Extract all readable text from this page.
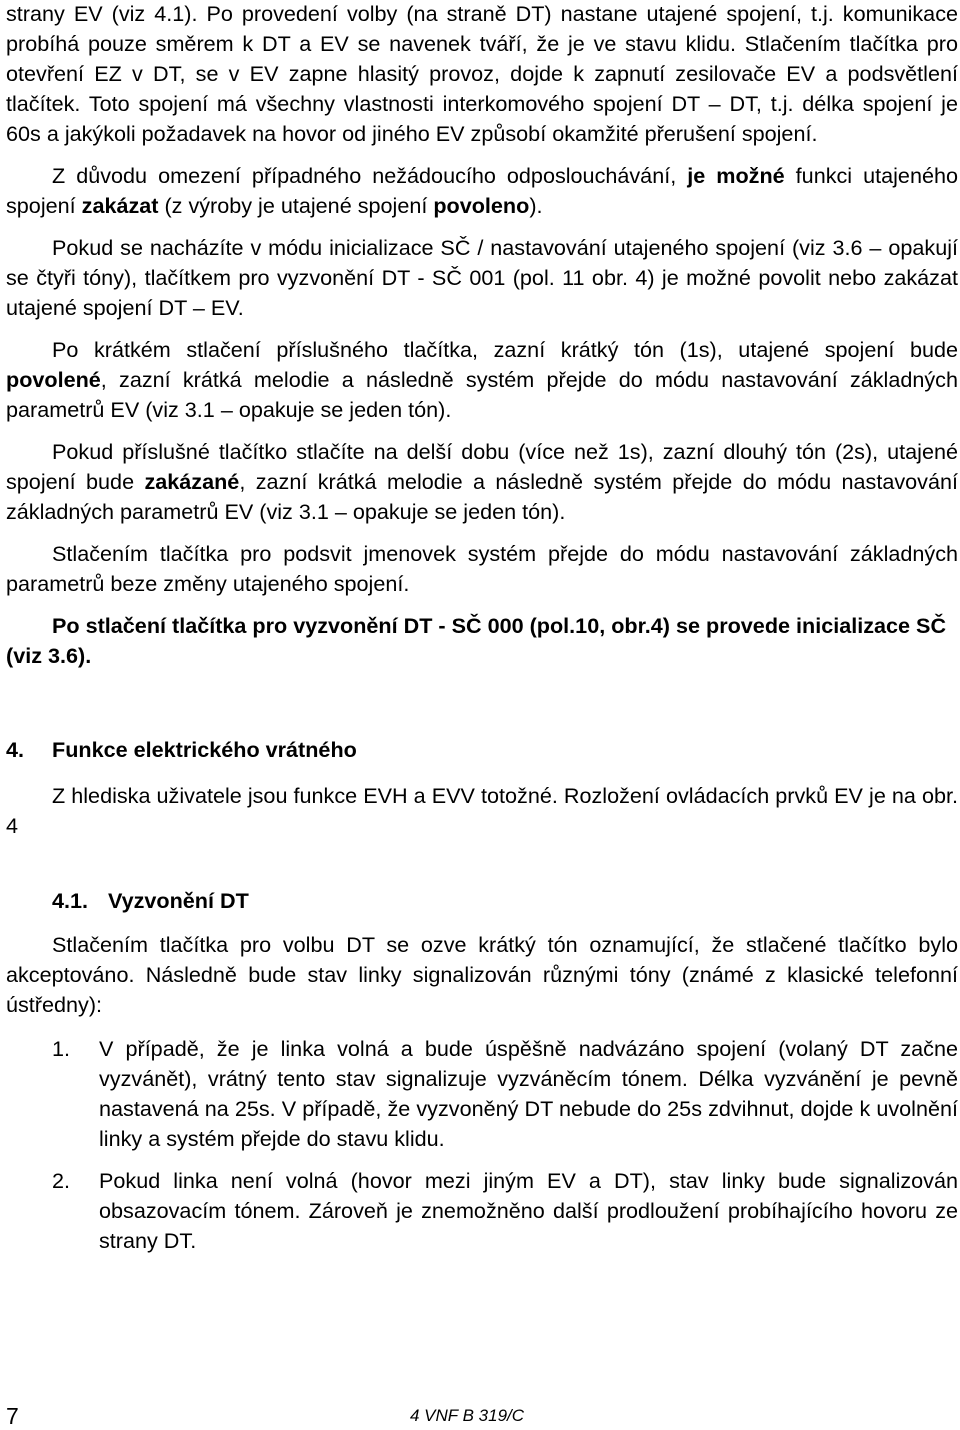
strany EV (viz 4.1). Po provedení volby (na straně DT) nastane utajené spojení, t.j. komunikace probíhá pouze směrem k DT a EV se navenek tváří, že je ve stavu klidu. Stlačením tlačítka pro otevření EZ v DT, se v EV zapne hlasitý provoz, dojde k zapnutí zesilovače EV a podsvětlení tlačítek. Toto spojení má všechny vlastnosti interkomového spojení DT – DT, t.j. délka spojení je 60s a jakýkoli požadavek na hovor od jiného EV způsobí okamžité přerušení spojení.

Z důvodu omezení případného nežádoucího odposlouchávání, je možné funkci utajeného spojení zakázat (z výroby je utajené spojení povoleno).

Pokud se nacházíte v módu inicializace SČ / nastavování utajeného spojení (viz 3.6 – opakují se čtyři tóny), tlačítkem pro vyzvonění DT - SČ 001 (pol. 11 obr. 4) je možné povolit nebo zakázat utajené spojení DT – EV.

Po krátkém stlačení příslušného tlačítka, zazní krátký tón (1s), utajené spojení bude povolené, zazní krátká melodie a následně systém přejde do módu nastavování základných parametrů EV (viz 3.1 – opakuje se jeden tón).

Pokud příslušné tlačítko stlačíte na delší dobu (více než 1s), zazní dlouhý tón (2s), utajené spojení bude zakázané, zazní krátká melodie a následně systém přejde do módu nastavování základných parametrů EV (viz 3.1 – opakuje se jeden tón).

Stlačením tlačítka pro podsvit jmenovek systém přejde do módu nastavování základných parametrů beze změny utajeného spojení.

Po stlačení tlačítka pro vyzvonění DT - SČ 000 (pol.10, obr.4) se provede inicializace SČ (viz 3.6).

4. Funkce elektrického vrátného

Z hlediska uživatele jsou funkce EVH a EVV totožné. Rozložení ovládacích prvků EV je na obr. 4

4.1. Vyzvonění DT

Stlačením tlačítka pro volbu DT se ozve krátký tón oznamující, že stlačené tlačítko bylo akceptováno. Následně bude stav linky signalizován různými tóny (známé z klasické telefonní ústředny):

1. V případě, že je linka volná a bude úspěšně nadvázáno spojení (volaný DT začne vyzvánět), vrátný tento stav signalizuje vyzváněcím tónem. Délka vyzvánění je pevně nastavená na 25s. V případě, že vyzvoněný DT nebude do 25s zdvihnut, dojde k uvolnění linky a systém přejde do stavu klidu.
2. Pokud linka není volná (hovor mezi jiným EV a DT), stav linky bude signalizován obsazovacím tónem. Zároveň je znemožněno další prodloužení probíhajícího hovoru ze strany DT.
7	4 VNF B 319/C
